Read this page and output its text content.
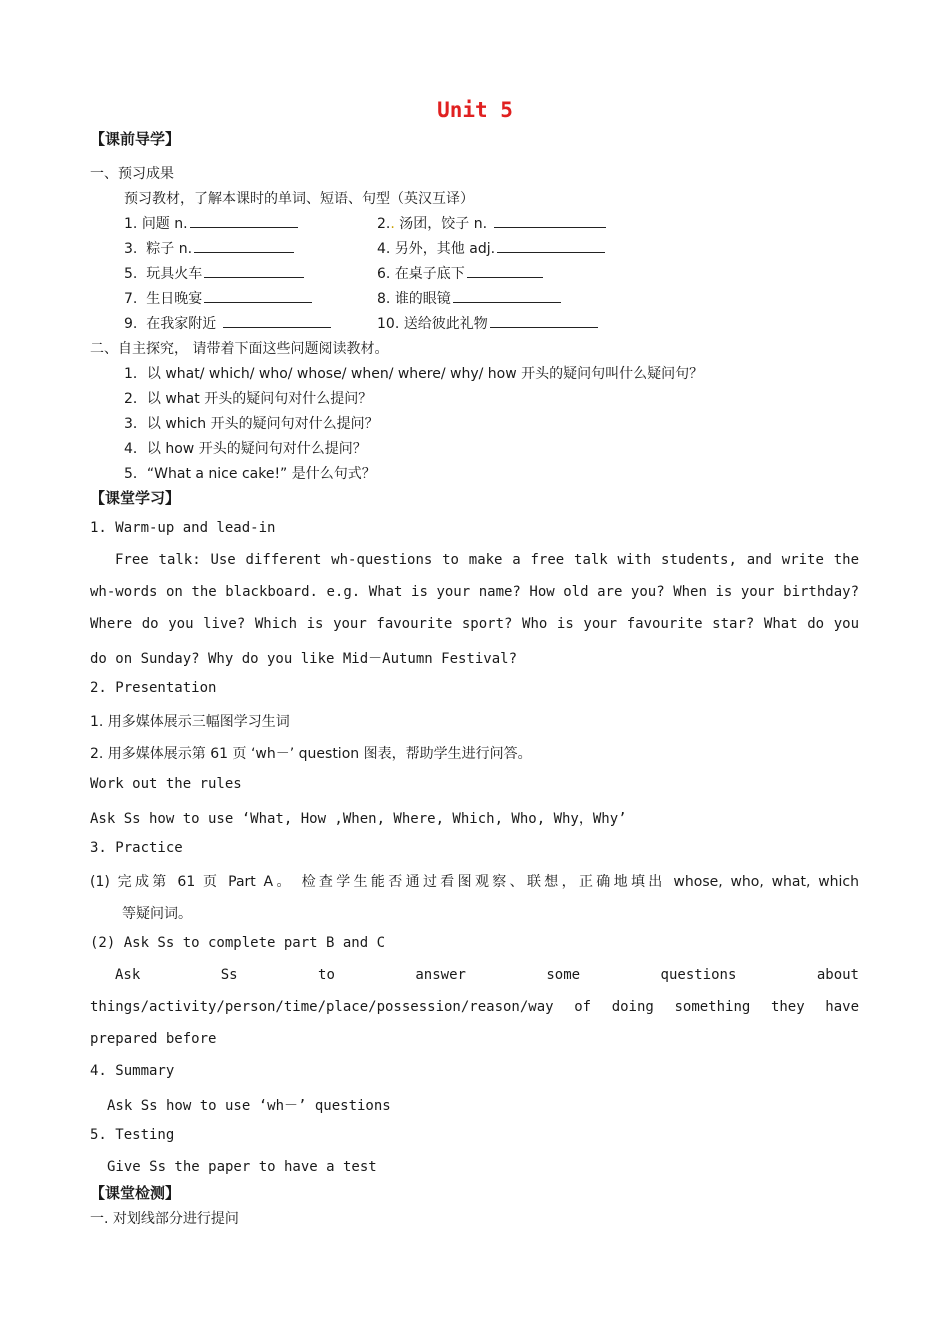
Unit 5
【课前导学】
一、预习成果
预习教材，了解本课时的单词、短语、句型（英汉互译）
1. 问题 n.
3. 粽子 n.
5. 玩具火车
7. 生日晚宴
9. 在我家附近
2.. 汤团，饺子 n.
4. 另外，其他 adj.
6. 在桌子底下
8. 谁的眼镜
10. 送给彼此礼物
二、自主探究， 请带着下面这些问题阅读教材。
1．以 what/ which/ who/ whose/ when/ where/ why/ how 开头的疑问句叫什么疑问句？
2．以 what 开头的疑问句对什么提问？
3．以 which 开头的疑问句对什么提问？
4．以 how 开头的疑问句对什么提问？
5．“What a nice cake!” 是什么句式？
【课堂学习】
1. Warm-up and lead-in
Free talk: Use different wh-questions to make a free talk with students, and write the
wh-words on the blackboard. e.g. What is your name? How old are you? When is your birthday?
Where do you live? Which is your favourite sport? Who is your favourite star? What do you
do on Sunday? Why do you like Mid－Autumn Festival?
2. Presentation
1. 用多媒体展示三幅图学习生词
2. 用多媒体展示第 61 页 ‘wh－’ question 图表，帮助学生进行问答。
Work out the rules
Ask Ss how to use ‘What, How ,When, Where, Which, Who, Why，Why’
3. Practice
(1) 完成第 61 页 Part A。 检查学生能否通过看图观察、联想，正确地填出 whose, who, what, which
等疑问词。
(2) Ask Ss to complete part B and C
Ask Ss to answer some questions about
things/activity/person/time/place/possession/reason/way of doing something they have
prepared before
4. Summary
Ask Ss how to use ‘wh－’ questions
5. Testing
Give Ss the paper to have a test
【课堂检测】
一. 对划线部分进行提问
